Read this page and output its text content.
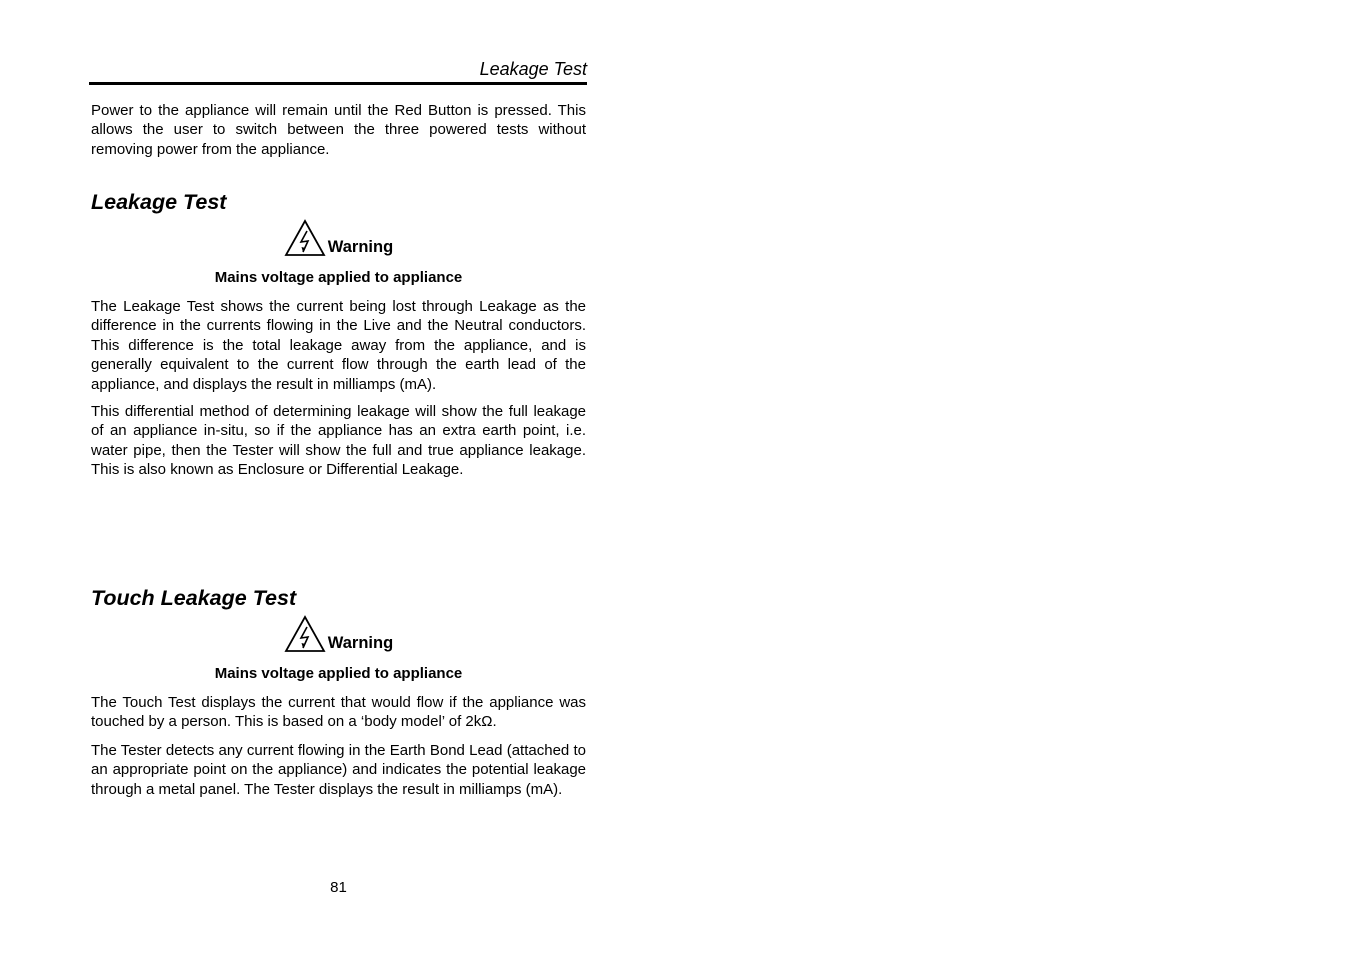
Leakage Test

Power to the appliance will remain until the Red Button is pressed. This allows the user to switch between the three powered tests without removing power from the appliance.

Leakage Test
Warning
Mains voltage applied to appliance

The Leakage Test shows the current being lost through Leakage as the difference in the currents flowing in the Live and the Neutral conductors. This difference is the total leakage away from the appliance, and is generally equivalent to the current flow through the earth lead of the appliance, and displays the result in milliamps (mA).

This differential method of determining leakage will show the full leakage of an appliance in-situ, so if the appliance has an extra earth point, i.e. water pipe, then the Tester will show the full and true appliance leakage. This is also known as Enclosure or Differential Leakage.

Touch Leakage Test
Warning
Mains voltage applied to appliance

The Touch Test displays the current that would flow if the appliance was touched by a person. This is based on a ‘body model’ of 2kΩ.

The Tester detects any current flowing in the Earth Bond Lead (attached to an appropriate point on the appliance) and indicates the potential leakage through a metal panel. The Tester displays the result in milliamps (mA).

81
